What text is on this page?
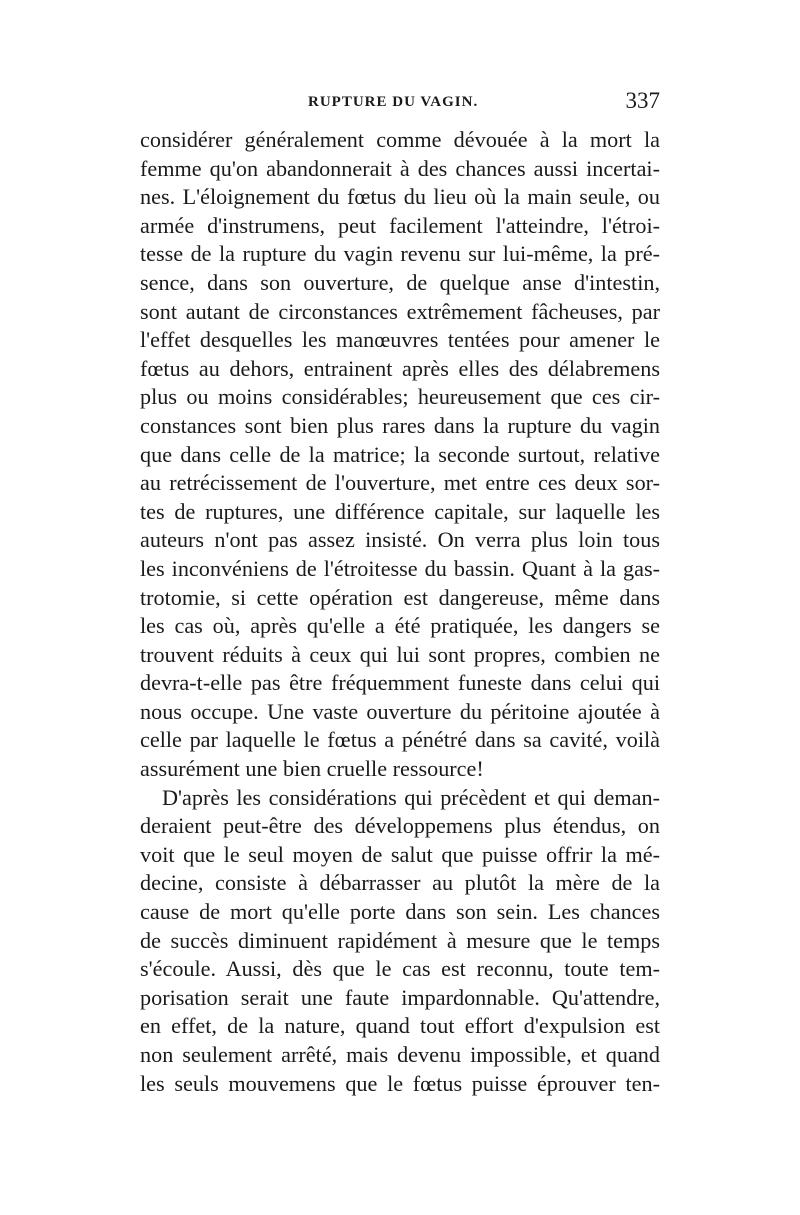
RUPTURE DU VAGIN.	337
considérer généralement comme dévouée à la mort la
femme qu'on abandonnerait à des chances aussi incertai-
nes. L'éloignement du fœtus du lieu où la main seule, ou
armée d'instrumens, peut facilement l'atteindre, l'étroi-
tesse de la rupture du vagin revenu sur lui-même, la pré-
sence, dans son ouverture, de quelque anse d'intestin,
sont autant de circonstances extrêmement fâcheuses, par
l'effet desquelles les manœuvres tentées pour amener le
fœtus au dehors, entrainent après elles des délabremens
plus ou moins considérables; heureusement que ces cir-
constances sont bien plus rares dans la rupture du vagin
que dans celle de la matrice; la seconde surtout, relative
au retrécissement de l'ouverture, met entre ces deux sor-
tes de ruptures, une différence capitale, sur laquelle les
auteurs n'ont pas assez insisté. On verra plus loin tous
les inconvéniens de l'étroitesse du bassin. Quant à la gas-
trotomie, si cette opération est dangereuse, même dans
les cas où, après qu'elle a été pratiquée, les dangers se
trouvent réduits à ceux qui lui sont propres, combien ne
devra-t-elle pas être fréquemment funeste dans celui qui
nous occupe. Une vaste ouverture du péritoine ajoutée à
celle par laquelle le fœtus a pénétré dans sa cavité, voilà
assurément une bien cruelle ressource!
D'après les considérations qui précèdent et qui deman-
deraient peut-être des développemens plus étendus, on
voit que le seul moyen de salut que puisse offrir la mé-
decine, consiste à débarrasser au plutôt la mère de la
cause de mort qu'elle porte dans son sein. Les chances
de succès diminuent rapidément à mesure que le temps
s'écoule. Aussi, dès que le cas est reconnu, toute tem-
porisation serait une faute impardonnable. Qu'attendre,
en effet, de la nature, quand tout effort d'expulsion est
non seulement arrêté, mais devenu impossible, et quand
les seuls mouvemens que le fœtus puisse éprouver ten-
